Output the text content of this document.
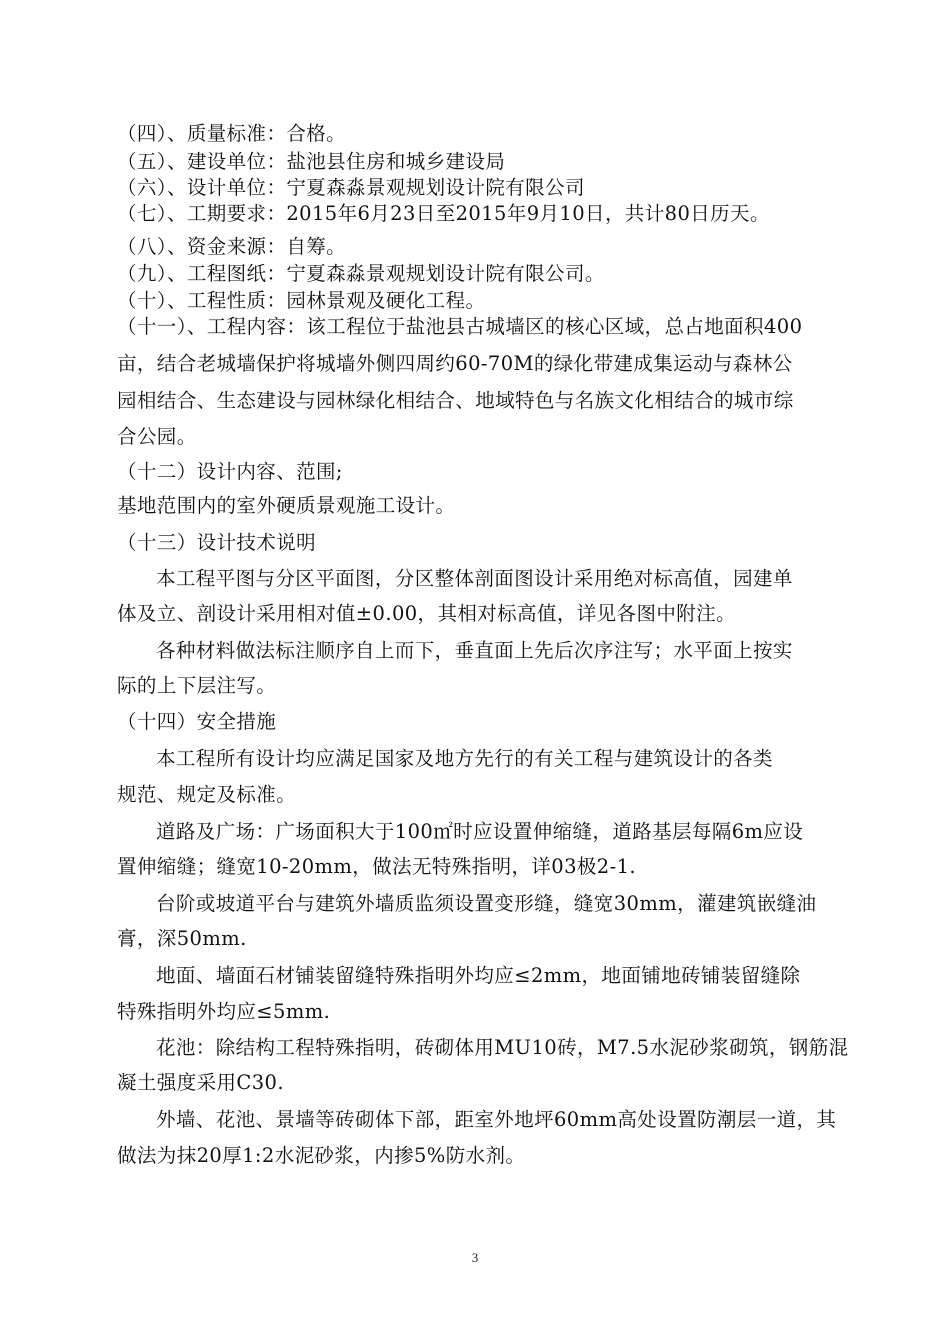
（四）、质量标准：合格。
（五）、建设单位：盐池县住房和城乡建设局
（六）、设计单位：宁夏森淼景观规划设计院有限公司
（七）、工期要求：2015年6月23日至2015年9月10日，共计80日历天。
（八）、资金来源：自筹。
（九）、工程图纸：宁夏森淼景观规划设计院有限公司。
（十）、工程性质：园林景观及硬化工程。
（十一）、工程内容：该工程位于盐池县古城墙区的核心区域，总占地面积400
亩，结合老城墙保护将城墙外侧四周约60-70M的绿化带建成集运动与森林公
园相结合、生态建设与园林绿化相结合、地域特色与名族文化相结合的城市综
合公园。
（十二）设计内容、范围;
基地范围内的室外硬质景观施工设计。
（十三）设计技术说明
本工程平图与分区平面图，分区整体剖面图设计采用绝对标高值，园建单
体及立、剖设计采用相对值±0.00，其相对标高值，详见各图中附注。
各种材料做法标注顺序自上而下，垂直面上先后次序注写；水平面上按实
际的上下层注写。
（十四）安全措施
本工程所有设计均应满足国家及地方先行的有关工程与建筑设计的各类
规范、规定及标准。
道路及广场：广场面积大于100㎡时应设置伸缩缝，道路基层每隔6m应设
置伸缩缝；缝宽10-20mm，做法无特殊指明，详03极2-1.
台阶或坡道平台与建筑外墙质监须设置变形缝，缝宽30mm，灌建筑嵌缝油
膏，深50mm.
地面、墙面石材铺装留缝特殊指明外均应≤2mm，地面铺地砖铺装留缝除
特殊指明外均应≤5mm.
花池：除结构工程特殊指明，砖砌体用MU10砖，M7.5水泥砂浆砌筑，钢筋混
凝土强度采用C30.
外墙、花池、景墙等砖砌体下部，距室外地坪60mm高处设置防潮层一道，其
做法为抹20厚1:2水泥砂浆，内掺5%防水剂。
3
